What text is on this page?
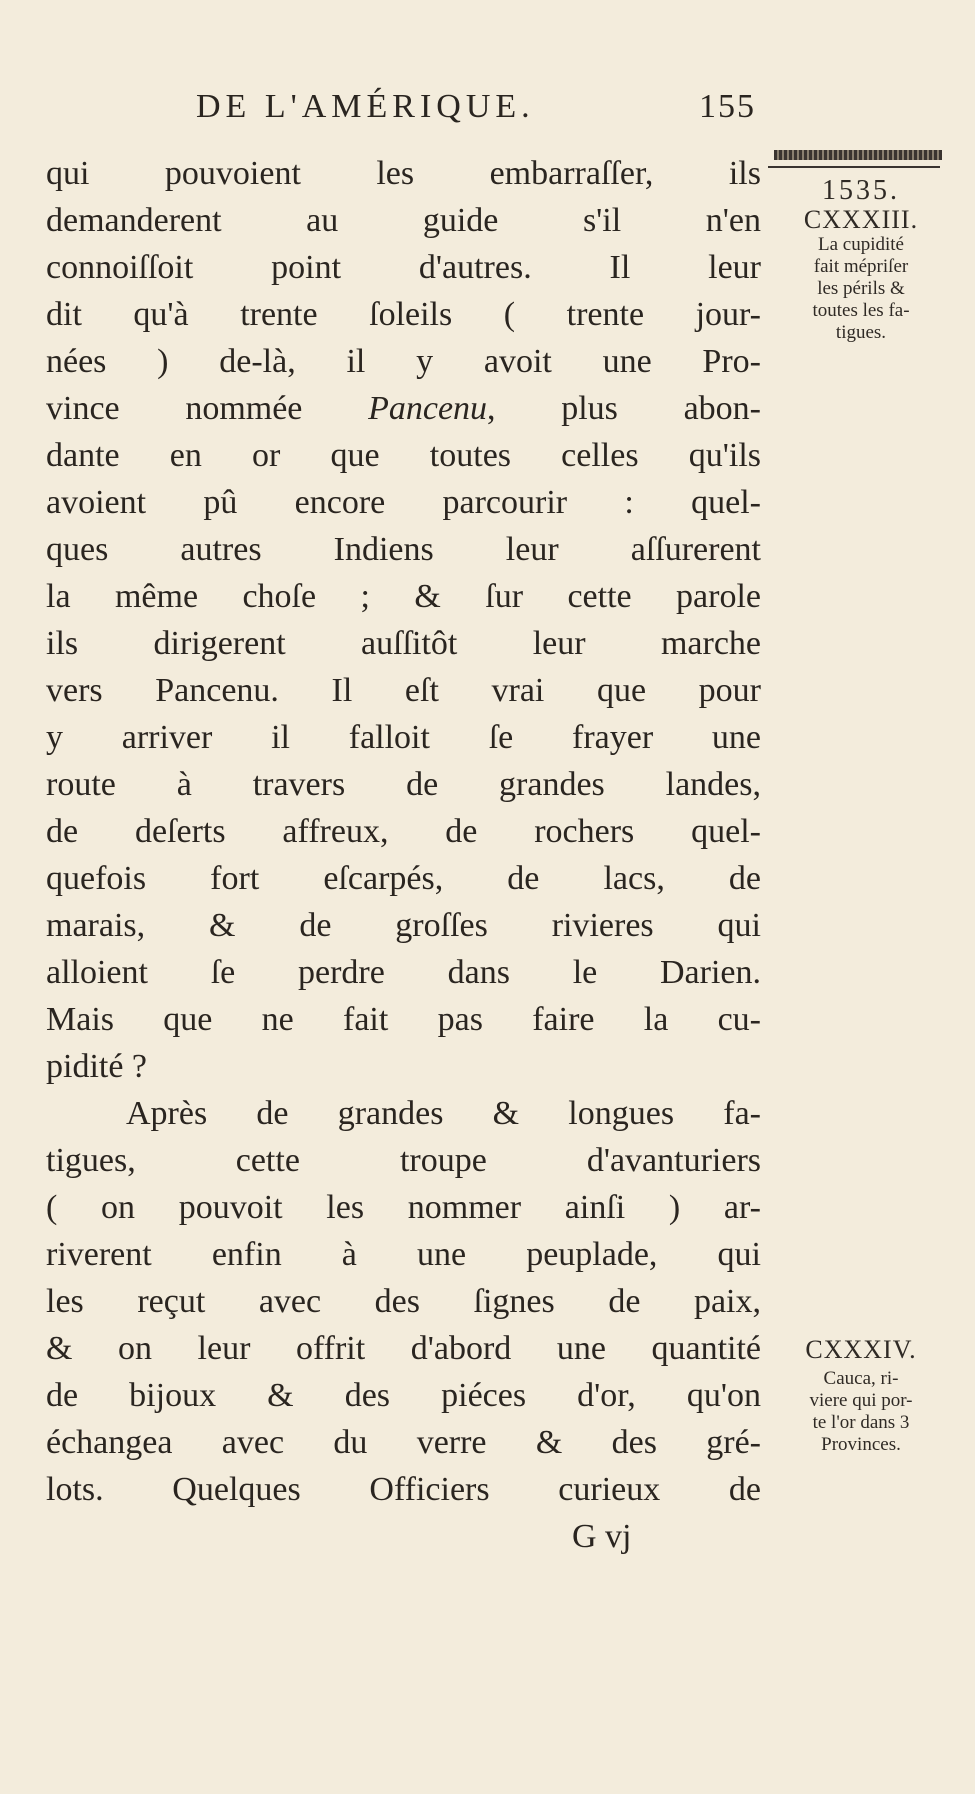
DE L'AMÉRIQUE.	155
qui pouvoient les embarraſſer, ils
demanderent au guide s'il n'en
connoiſſoit point d'autres. Il leur
dit qu'à trente ſoleils ( trente jour-
nées ) de-là, il y avoit une Pro-
vince nommée Pancenu, plus abon-
dante en or que toutes celles qu'ils
avoient pû encore parcourir : quel-
ques autres Indiens leur aſſurerent
la même choſe ; & ſur cette parole
ils dirigerent auſſitôt leur marche
vers Pancenu. Il eſt vrai que pour
y arriver il falloit ſe frayer une
route à travers de grandes landes,
de deſerts affreux, de rochers quel-
quefois fort eſcarpés, de lacs, de
marais, & de groſſes rivieres qui
alloient ſe perdre dans le Darien.
Mais que ne fait pas faire la cu-
pidité ?
Après de grandes & longues fa-
tigues, cette troupe d'avanturiers
( on pouvoit les nommer ainſi ) ar-
riverent enfin à une peuplade, qui
les reçut avec des ſignes de paix,
& on leur offrit d'abord une quantité
de bijoux & des piéces d'or, qu'on
échangea avec du verre & des gré-
lots. Quelques Officiers curieux de
G vj
1535.
CXXXIII.
La cupidité
fait mépriſer
les périls &
toutes les fa-
tigues.
CXXXIV.
Cauca, ri-
viere qui por-
te l'or dans 3
Provinces.
